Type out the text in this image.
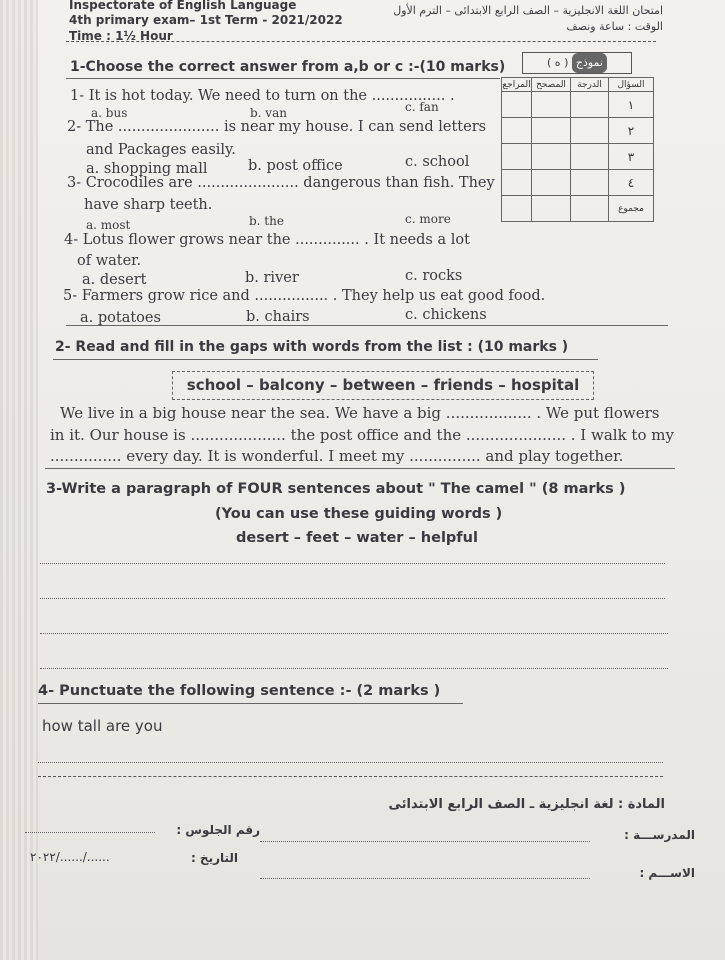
Inspectorate of English Language
4th primary exam– 1st Term - 2021/2022
Time : 1½ Hour
امتحان اللغة الانجليزية – الصف الرابع الابتدائى – الترم الأول
الوقت : ساعة ونصف
نموذج ( ه )
المراجع	المصحح	الدرجة	السؤال
			١
			٢
			٣
			٤
			مجموع
1-Choose the correct answer from a,b or c :-(10 marks)
1- It is hot today. We need to turn on the ................ .
a. bus	b. van	c. fan
2- The ...................... is near my house. I can send letters
and Packages easily.
a. shopping mall	b. post office	c. school
3- Crocodiles are ...................... dangerous than fish. They
have sharp teeth.
a. most	b. the	c. more
4- Lotus flower grows near the .............. . It needs a lot
of water.
a. desert	b. river	c. rocks
5- Farmers grow rice and ................ . They help us eat good food.
a. potatoes	b. chairs	c. chickens
2- Read and fill in the gaps with words from the list : (10 marks )
school – balcony – between – friends – hospital
We live in a big house near the sea. We have a big .................. . We put flowers
in it. Our house is .................... the post office and the ..................... . I walk to my
............... every day. It is wonderful. I meet my ............... and play together.
3-Write a paragraph of FOUR sentences about " The camel " (8 marks )
(You can use these guiding words )
desert – feet – water – helpful
4- Punctuate the following sentence :- (2 marks )
how tall are you
المادة : لغة انجليزية ـ الصف الرابع الابتدائى
المدرســـة :
رقم الجلوس :
الاســـم :
التاريخ :
٢٠٢٢/....../......
